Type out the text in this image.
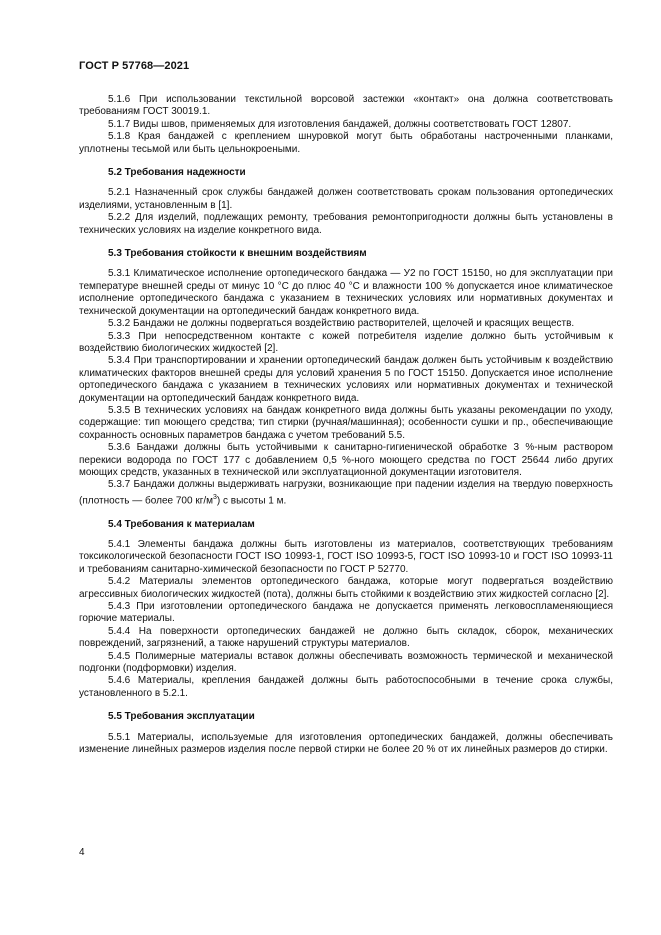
ГОСТ Р 57768—2021

5.1.6 При использовании текстильной ворсовой застежки «контакт» она должна соответствовать требованиям ГОСТ 30019.1.

5.1.7 Виды швов, применяемых для изготовления бандажей, должны соответствовать ГОСТ 12807.

5.1.8 Края бандажей с креплением шнуровкой могут быть обработаны настроченными планками, уплотнены тесьмой или быть цельнокроеными.

5.2 Требования надежности

5.2.1 Назначенный срок службы бандажей должен соответствовать срокам пользования ортопедических изделиями, установленным в [1].

5.2.2 Для изделий, подлежащих ремонту, требования ремонтопригодности должны быть установлены в технических условиях на изделие конкретного вида.

5.3 Требования стойкости к внешним воздействиям

5.3.1 Климатическое исполнение ортопедического бандажа — У2 по ГОСТ 15150, но для эксплуатации при температуре внешней среды от минус 10 °С до плюс 40 °С и влажности 100 % допускается иное климатическое исполнение ортопедического бандажа с указанием в технических условиях или нормативных документах и технической документации на ортопедический бандаж конкретного вида.

5.3.2 Бандажи не должны подвергаться воздействию растворителей, щелочей и красящих веществ.

5.3.3 При непосредственном контакте с кожей потребителя изделие должно быть устойчивым к воздействию биологических жидкостей [2].

5.3.4 При транспортировании и хранении ортопедический бандаж должен быть устойчивым к воздействию климатических факторов внешней среды для условий хранения 5 по ГОСТ 15150. Допускается иное исполнение ортопедического бандажа с указанием в технических условиях или нормативных документах и технической документации на ортопедический бандаж конкретного вида.

5.3.5 В технических условиях на бандаж конкретного вида должны быть указаны рекомендации по уходу, содержащие: тип моющего средства; тип стирки (ручная/машинная); особенности сушки и пр., обеспечивающие сохранность основных параметров бандажа с учетом требований 5.5.

5.3.6 Бандажи должны быть устойчивыми к санитарно-гигиенической обработке 3 %-ным раствором перекиси водорода по ГОСТ 177 с добавлением 0,5 %-ного моющего средства по ГОСТ 25644 либо других моющих средств, указанных в технической или эксплуатационной документации изготовителя.

5.3.7 Бандажи должны выдерживать нагрузки, возникающие при падении изделия на твердую поверхность (плотность — более 700 $кг/м^3$) с высоты 1 м.

5.4 Требования к материалам

5.4.1 Элементы бандажа должны быть изготовлены из материалов, соответствующих требованиям токсикологической безопасности ГОСТ ISO 10993-1, ГОСТ ISO 10993-5, ГОСТ ISO 10993-10 и ГОСТ ISO 10993-11 и требованиям санитарно-химической безопасности по ГОСТ Р 52770.

5.4.2 Материалы элементов ортопедического бандажа, которые могут подвергаться воздействию агрессивных биологических жидкостей (пота), должны быть стойкими к воздействию этих жидкостей согласно [2].

5.4.3 При изготовлении ортопедического бандажа не допускается применять легковоспламеняющиеся горючие материалы.

5.4.4 На поверхности ортопедических бандажей не должно быть складок, сборок, механических повреждений, загрязнений, а также нарушений структуры материалов.

5.4.5 Полимерные материалы вставок должны обеспечивать возможность термической и механической подгонки (подформовки) изделия.

5.4.6 Материалы, крепления бандажей должны быть работоспособными в течение срока службы, установленного в 5.2.1.

5.5 Требования эксплуатации

5.5.1 Материалы, используемые для изготовления ортопедических бандажей, должны обеспечивать изменение линейных размеров изделия после первой стирки не более 20 % от их линейных размеров до стирки.

4
